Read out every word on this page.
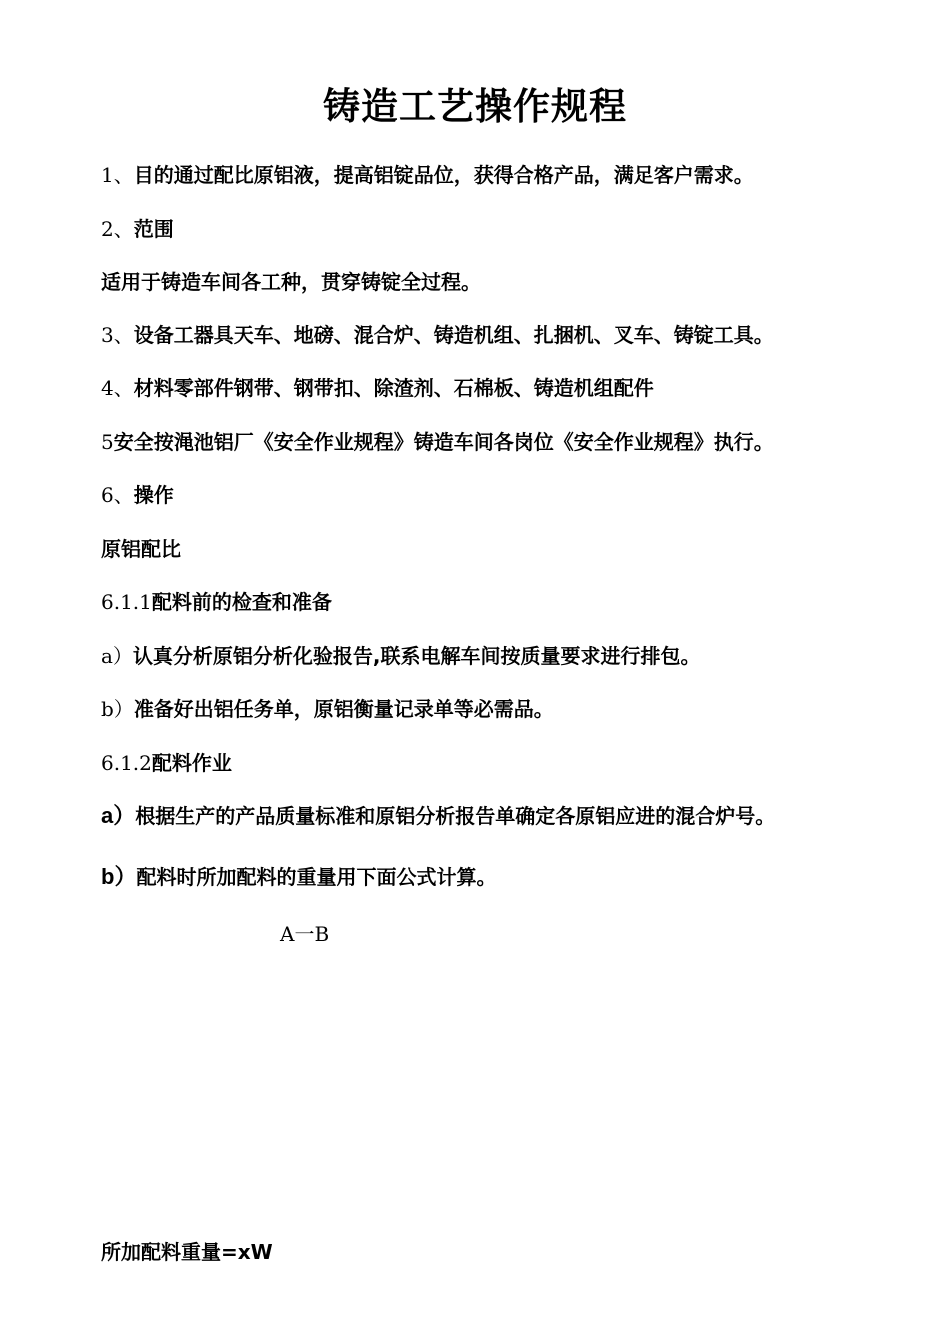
铸造工艺操作规程
1、目的通过配比原铝液，提高铝锭品位，获得合格产品，满足客户需求。
2、范围
适用于铸造车间各工种，贯穿铸锭全过程。
3、设备工器具天车、地磅、混合炉、铸造机组、扎捆机、叉车、铸锭工具。
4、材料零部件钢带、钢带扣、除渣剂、石棉板、铸造机组配件
5安全按渑池铝厂《安全作业规程》铸造车间各岗位《安全作业规程》执行。
6、操作
原铝配比
6.1.1配料前的检查和准备
a）认真分析原铝分析化验报告,联系电解车间按质量要求进行排包。
b）准备好出铝任务单，原铝衡量记录单等必需品。
6.1.2配料作业
a）根据生产的产品质量标准和原铝分析报告单确定各原铝应进的混合炉号。
b）配料时所加配料的重量用下面公式计算。
A一B
所加配料重量=xW
